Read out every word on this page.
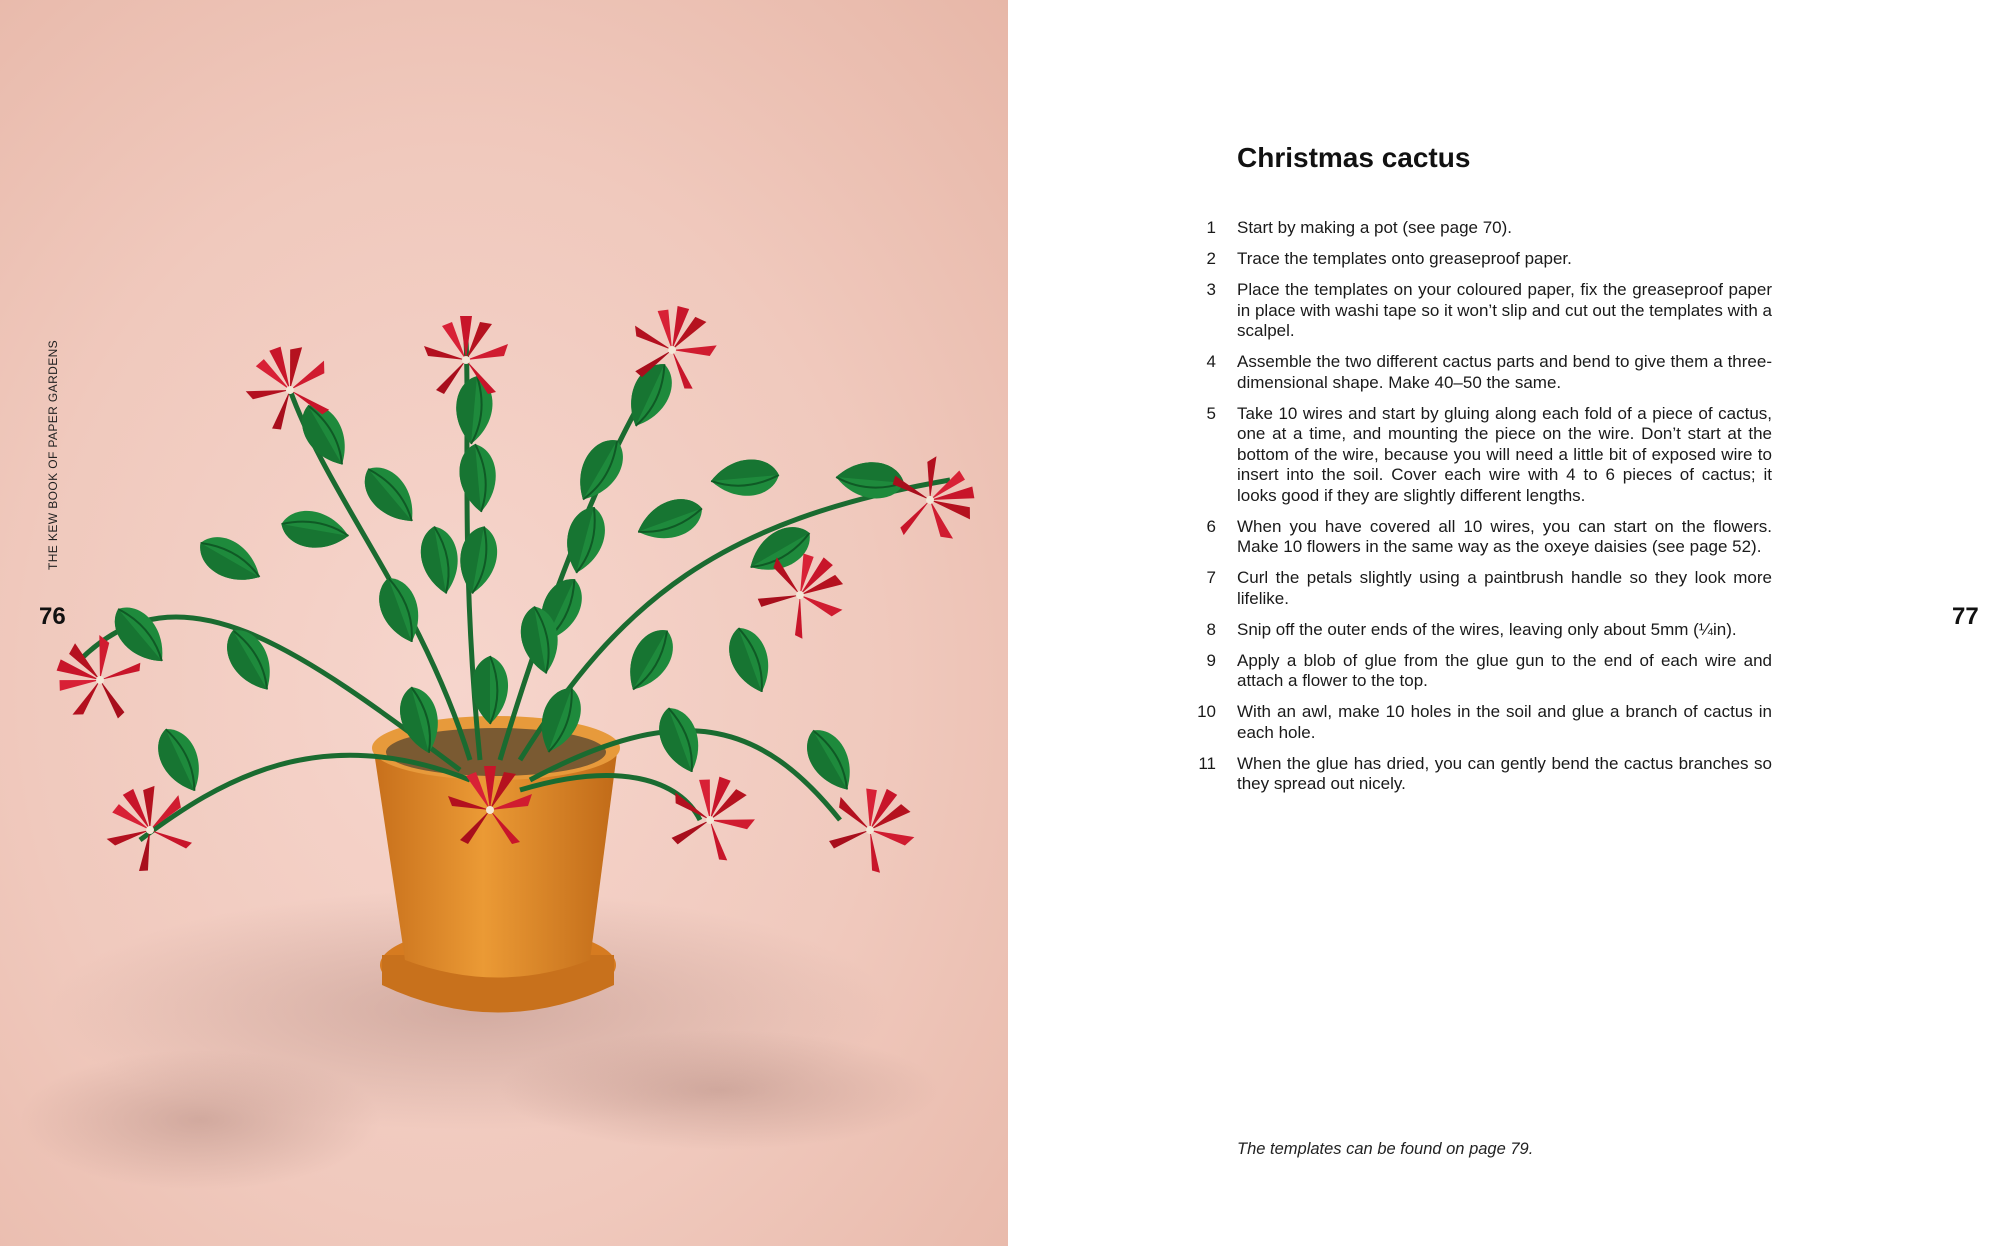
THE KEW BOOK OF PAPER GARDENS
76
Christmas cactus
1 Start by making a pot (see page 70).
2 Trace the templates onto greaseproof paper.
3 Place the templates on your coloured paper, fix the greaseproof paper in place with washi tape so it won’t slip and cut out the templates with a scalpel.
4 Assemble the two different cactus parts and bend to give them a three-dimensional shape. Make 40–50 the same.
5 Take 10 wires and start by gluing along each fold of a piece of cactus, one at a time, and mounting the piece on the wire. Don’t start at the bottom of the wire, because you will need a little bit of exposed wire to insert into the soil. Cover each wire with 4 to 6 pieces of cactus; it looks good if they are slightly different lengths.
6 When you have covered all 10 wires, you can start on the flowers. Make 10 flowers in the same way as the oxeye daisies (see page 52).
7 Curl the petals slightly using a paintbrush handle so they look more lifelike.
8 Snip off the outer ends of the wires, leaving only about 5mm (¼in).
9 Apply a blob of glue from the glue gun to the end of each wire and attach a flower to the top.
10 With an awl, make 10 holes in the soil and glue a branch of cactus in each hole.
11 When the glue has dried, you can gently bend the cactus branches so they spread out nicely.
The templates can be found on page 79.
77
